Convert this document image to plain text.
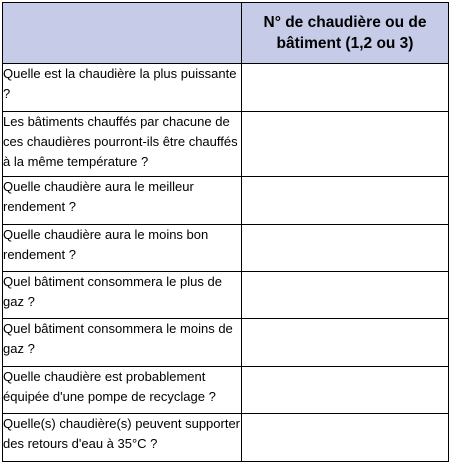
	N° de chaudière ou de bâtiment (1,2 ou 3)
Quelle est la chaudière la plus puissante ?	
Les bâtiments chauffés par chacune de ces chaudières pourront-ils être chauffés à la même température ?	
Quelle chaudière aura le meilleur rendement ?	
Quelle chaudière aura le moins bon rendement ?	
Quel bâtiment consommera le plus de gaz ?	
Quel bâtiment consommera le moins de gaz ?	
Quelle chaudière est probablement équipée d'une pompe de recyclage ?	
Quelle(s) chaudière(s) peuvent supporter des retours d'eau à 35°C ?	
